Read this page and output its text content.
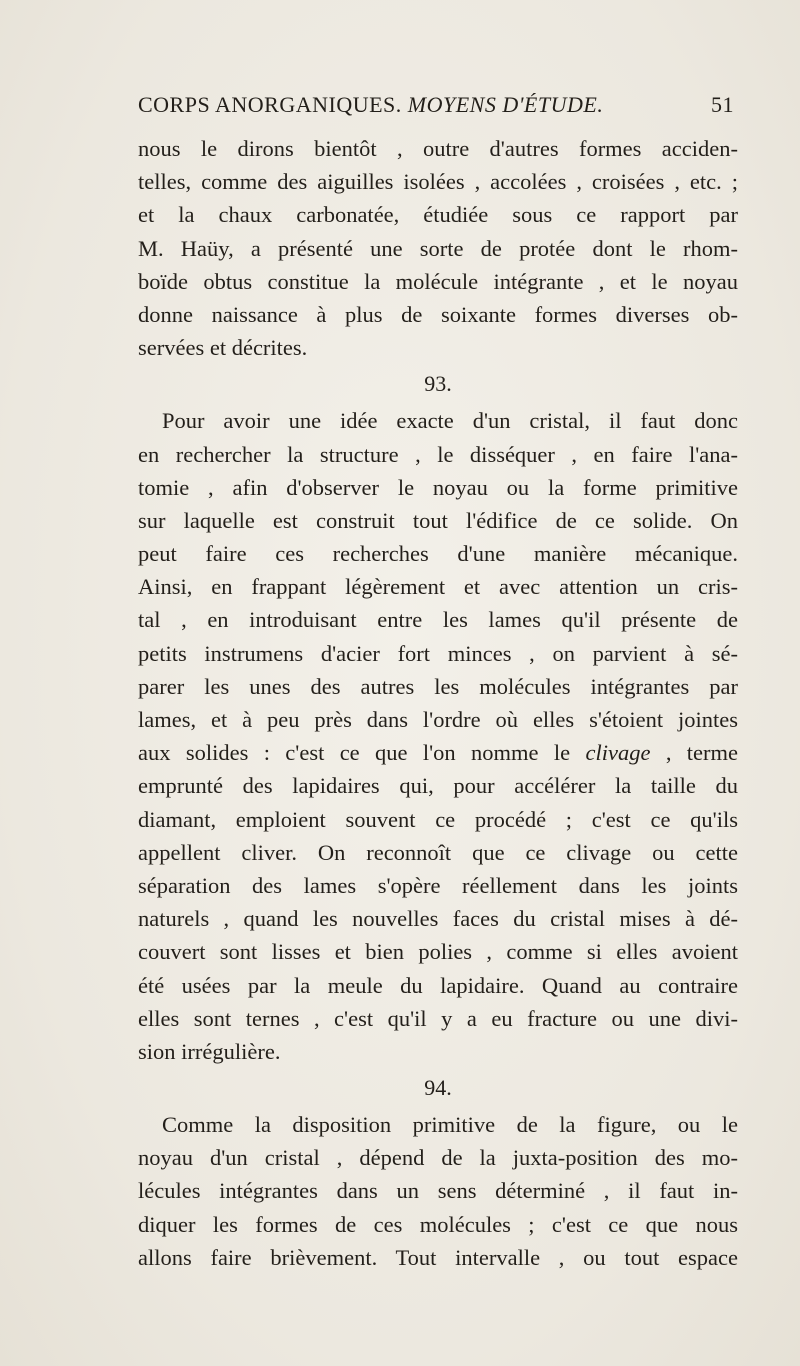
CORPS ANORGANIQUES. MOYENS D'ÉTUDE.	51
nous le dirons bientôt , outre d'autres formes acciden-
telles, comme des aiguilles isolées , accolées , croisées , etc. ;
et la chaux carbonatée, étudiée sous ce rapport par
M. Haüy, a présenté une sorte de protée dont le rhom-
boïde obtus constitue la molécule intégrante , et le noyau
donne naissance à plus de soixante formes diverses ob-
servées et décrites.
93.
Pour avoir une idée exacte d'un cristal, il faut donc
en rechercher la structure , le disséquer , en faire l'ana-
tomie , afin d'observer le noyau ou la forme primitive
sur laquelle est construit tout l'édifice de ce solide. On
peut faire ces recherches d'une manière mécanique.
Ainsi, en frappant légèrement et avec attention un cris-
tal , en introduisant entre les lames qu'il présente de
petits instrumens d'acier fort minces , on parvient à sé-
parer les unes des autres les molécules intégrantes par
lames, et à peu près dans l'ordre où elles s'étoient jointes
aux solides : c'est ce que l'on nomme le clivage , terme
emprunté des lapidaires qui, pour accélérer la taille du
diamant, emploient souvent ce procédé ; c'est ce qu'ils
appellent cliver. On reconnoît que ce clivage ou cette
séparation des lames s'opère réellement dans les joints
naturels , quand les nouvelles faces du cristal mises à dé-
couvert sont lisses et bien polies , comme si elles avoient
été usées par la meule du lapidaire. Quand au contraire
elles sont ternes , c'est qu'il y a eu fracture ou une divi-
sion irrégulière.
94.
Comme la disposition primitive de la figure, ou le
noyau d'un cristal , dépend de la juxta-position des mo-
lécules intégrantes dans un sens déterminé , il faut in-
diquer les formes de ces molécules ; c'est ce que nous
allons faire brièvement. Tout intervalle , ou tout espace
